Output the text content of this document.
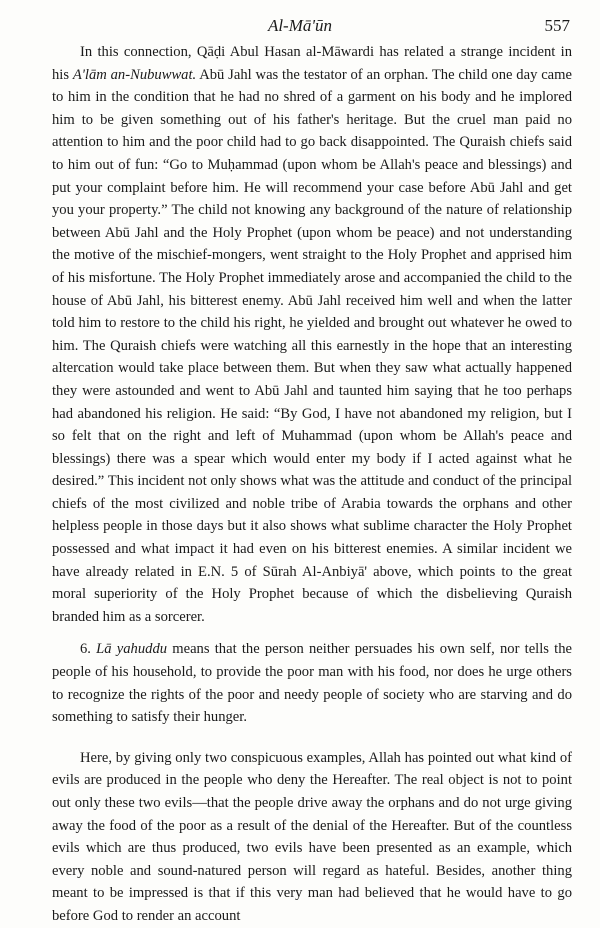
Al-Mā'ūn	557

In this connection, Qāḍi Abul Hasan al-Māwardi has related a strange incident in his A'lām an-Nubuwwat. Abū Jahl was the testator of an orphan. The child one day came to him in the condition that he had no shred of a garment on his body and he implored him to be given something out of his father's heritage. But the cruel man paid no attention to him and the poor child had to go back disappointed. The Quraish chiefs said to him out of fun: “Go to Muḥammad (upon whom be Allah's peace and blessings) and put your complaint before him. He will recommend your case before Abū Jahl and get you your property.” The child not knowing any background of the nature of relationship between Abū Jahl and the Holy Prophet (upon whom be peace) and not understanding the motive of the mischief-mongers, went straight to the Holy Prophet and apprised him of his misfortune. The Holy Prophet immediately arose and accompanied the child to the house of Abū Jahl, his bitterest enemy. Abū Jahl received him well and when the latter told him to restore to the child his right, he yielded and brought out whatever he owed to him. The Quraish chiefs were watching all this earnestly in the hope that an interesting altercation would take place between them. But when they saw what actually happened they were astounded and went to Abū Jahl and taunted him saying that he too perhaps had abandoned his religion. He said: “By God, I have not abandoned my religion, but I so felt that on the right and left of Muhammad (upon whom be Allah's peace and blessings) there was a spear which would enter my body if I acted against what he desired.” This incident not only shows what was the attitude and conduct of the principal chiefs of the most civilized and noble tribe of Arabia towards the orphans and other helpless people in those days but it also shows what sublime character the Holy Prophet possessed and what impact it had even on his bitterest enemies. A similar incident we have already related in E.N. 5 of Sūrah Al-Anbiyā' above, which points to the great moral superiority of the Holy Prophet because of which the disbelieving Quraish branded him as a sorcerer.

6. Lā yahuddu means that the person neither persuades his own self, nor tells the people of his household, to provide the poor man with his food, nor does he urge others to recognize the rights of the poor and needy people of society who are starving and do something to satisfy their hunger.

Here, by giving only two conspicuous examples, Allah has pointed out what kind of evils are produced in the people who deny the Hereafter. The real object is not to point out only these two evils—that the people drive away the orphans and do not urge giving away the food of the poor as a result of the denial of the Hereafter. But of the countless evils which are thus produced, two evils have been presented as an example, which every noble and sound-natured person will regard as hateful. Besides, another thing meant to be impressed is that if this very man had believed that he would have to go before God to render an account
